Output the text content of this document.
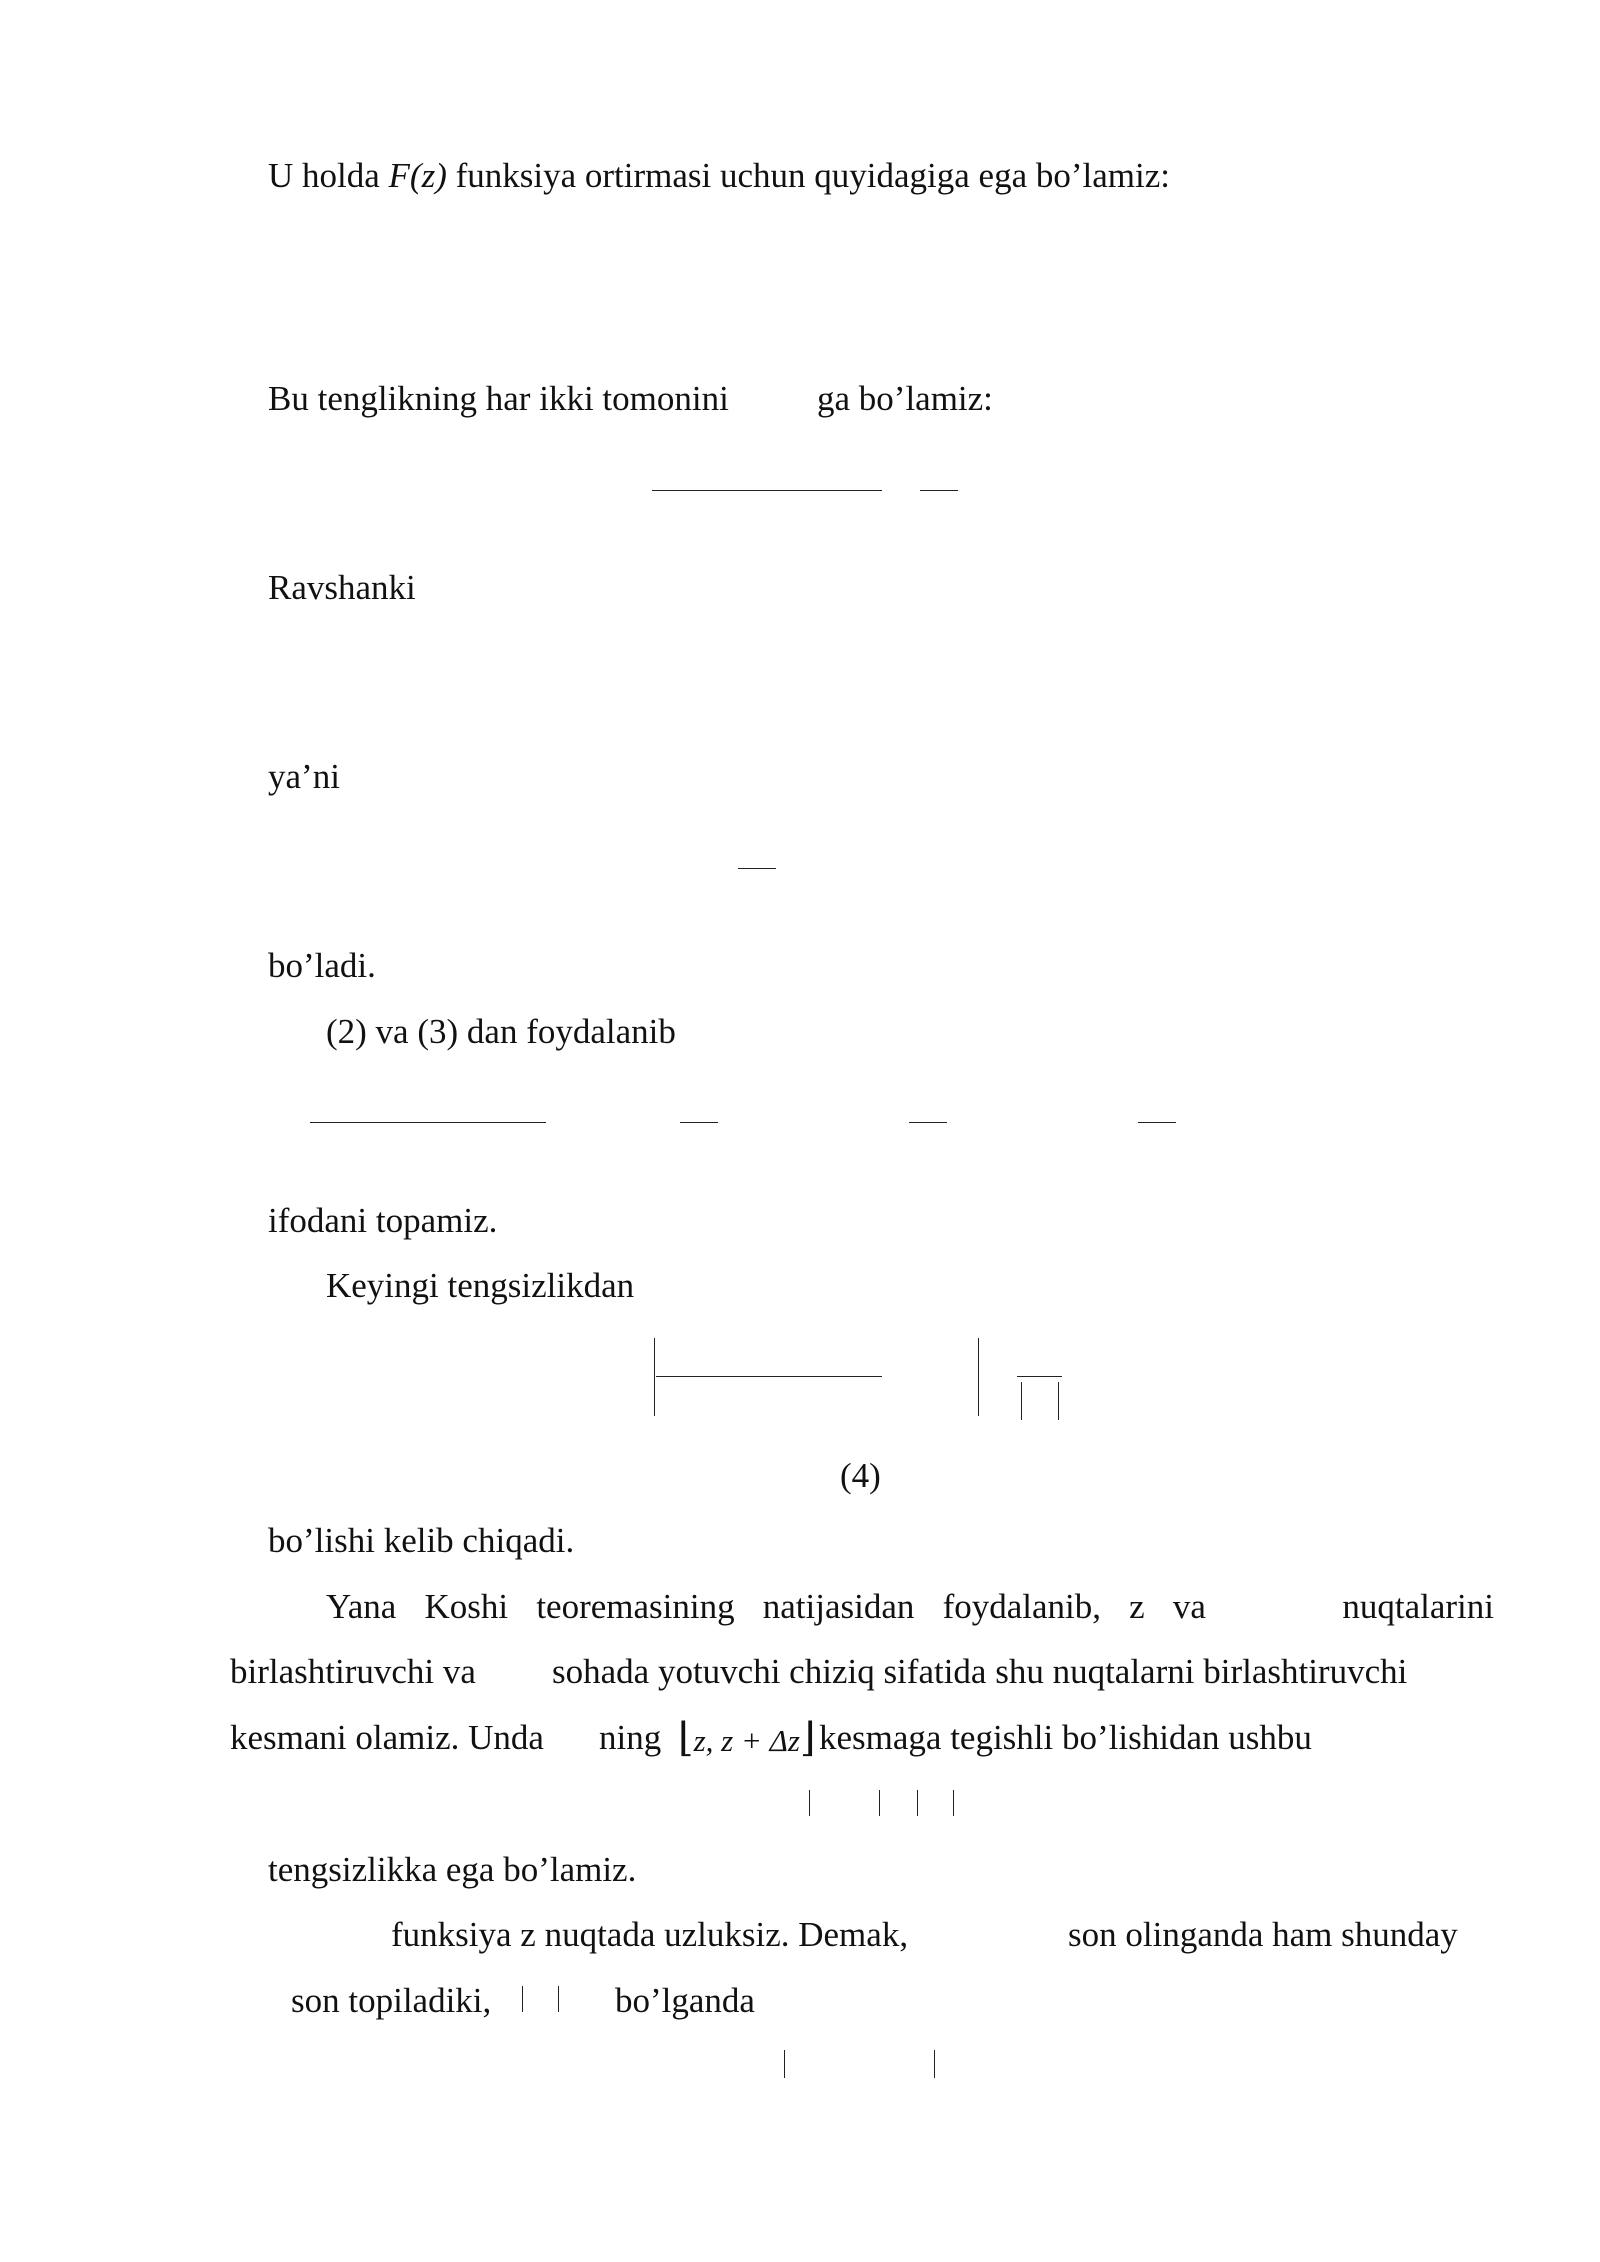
U holda F(z) funksiya ortirmasi uchun quyidagiga ega bo’lamiz:
Bu tenglikning har ikki tomonini	ga bo’lamiz:
Ravshanki
ya’ni
bo’ladi.
(2) va (3) dan foydalanib
ifodani topamiz.
Keyingi tengsizlikdan
(4)
bo’lishi kelib chiqadi.
Yana Koshi teoremasining natijasidan foydalanib, z va	nuqtalarini
birlashtiruvchi va sohada yotuvchi chiziq sifatida shu nuqtalarni birlashtiruvchi
kesmani olamiz. Unda ning ⌊z, z + Δz⌋ kesmaga tegishli bo’lishidan ushbu
tengsizlikka ega bo’lamiz.
funksiya z nuqtada uzluksiz. Demak,	son olinganda ham shunday
son topiladiki,	bo’lganda
